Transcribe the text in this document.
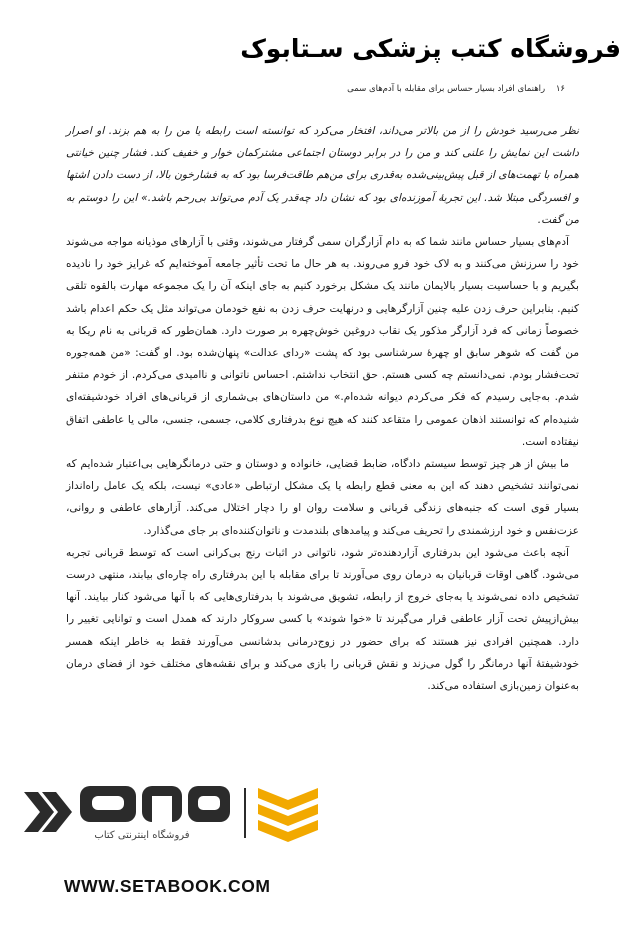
فروشگاه کتب پزشکی سـتابوک
۱۶ راهنمای افراد بسیار حساس برای مقابله با آدم‌های سمی

نظر می‌رسید خودش را از من بالاتر می‌داند، افتخار می‌کرد که توانسته است رابطه یا من را به هم بزند. او اصرار داشت این نمایش را علنی کند و من را در برابر دوستان اجتماعی مشترکمان خوار و خفیف کند. فشار چنین خیانتی همراه با تهمت‌های از قبل پیش‌بینی‌شده به‌قدری برای من‌هم طاقت‌فرسا بود که به فشارخون بالا، از دست دادن اشتها و افسردگی مبتلا شد. این تجربهٔ آموزنده‌ای بود که نشان داد چه‌قدر یک آدم می‌تواند بی‌رحم باشد.» این را دوستم به من گفت.

آدم‌های بسیار حساس مانند شما که به دام آزارگران سمی گرفتار می‌شوند، وقتی با آزارهای موذیانه مواجه می‌شوند خود را سرزنش می‌کنند و به لاک خود فرو می‌روند. به هر حال ما تحت تأثیر جامعه آموخته‌ایم که غرایز خود را نادیده بگیریم و با حساسیت بسیار بالایمان مانند یک مشکل برخورد کنیم به جای اینکه آن را یک مجموعه مهارت بالقوه تلقی کنیم. بنابراین حرف زدن علیه چنین آزارگرهایی و درنهایت حرف زدن به نفع خودمان می‌تواند مثل یک حکم اعدام باشد خصوصاً زمانی که فرد آزارگر مذکور یک نقاب دروغین خوش‌چهره بر صورت دارد. همان‌طور که قربانی به نام ریکا به من گفت که شوهر سابق او چهرهٔ سرشناسی بود که پشت «ردای عدالت» پنهان‌شده بود. او گفت: «من همه‌جوره تحت‌فشار بودم. نمی‌دانستم چه کسی هستم. حق انتخاب نداشتم. احساس ناتوانی و ناامیدی می‌کردم. از خودم متنفر شدم. به‌جایی رسیدم که فکر می‌کردم دیوانه شده‌ام.» من داستان‌های بی‌شماری از قربانی‌های افراد خودشیفته‌ای شنیده‌ام که توانستند اذهان عمومی را متقاعد کنند که هیچ نوع بدرفتاری کلامی، جسمی، جنسی، مالی یا عاطفی اتفاق نیفتاده است.

ما بیش از هر چیز توسط سیستم دادگاه، ضابط قضایی، خانواده و دوستان و حتی درمانگرهایی بی‌اعتبار شده‌ایم که نمی‌توانند تشخیص دهند که این به معنی قطع رابطه یا یک مشکل ارتباطی «عادی» نیست، بلکه یک عامل راه‌انداز بسیار قوی است که جنبه‌های زندگی قربانی و سلامت روان او را دچار اختلال می‌کند. آزارهای عاطفی و روانی، عزت‌نفس و خود ارزشمندی را تحریف می‌کند و پیامدهای بلندمدت و ناتوان‌کننده‌ای بر جای می‌گذارد.

آنچه باعث می‌شود این بدرفتاری آزاردهنده‌تر شود، ناتوانی در اثبات رنج بی‌کرانی است که توسط قربانی تجربه می‌شود. گاهی اوقات قربانیان به درمان روی می‌آورند تا برای مقابله با این بدرفتاری راه چاره‌ای بیابند، منتهی درست تشخیص داده نمی‌شوند یا به‌جای خروج از رابطه، تشویق می‌شوند با بدرفتاری‌هایی که با آنها می‌شود کنار بیایند. آنها بیش‌ازپیش تحت آزار عاطفی قرار می‌گیرند تا «خوا شوند» با کسی سروکار دارند که همدل است و توانایی تغییر را دارد. همچنین افرادی نیز هستند که برای حضور در زوج‌درمانی بدشانسی می‌آورند فقط به خاطر اینکه همسر خودشیفتهٔ آنها درمانگر را گول می‌زند و نقش قربانی را بازی می‌کند و برای نقشه‌های مختلف خود از فضای درمان به‌عنوان زمین‌بازی استفاده می‌کند.

فروشگاه اینترنتی کتاب
WWW.SETABOOK.COM
